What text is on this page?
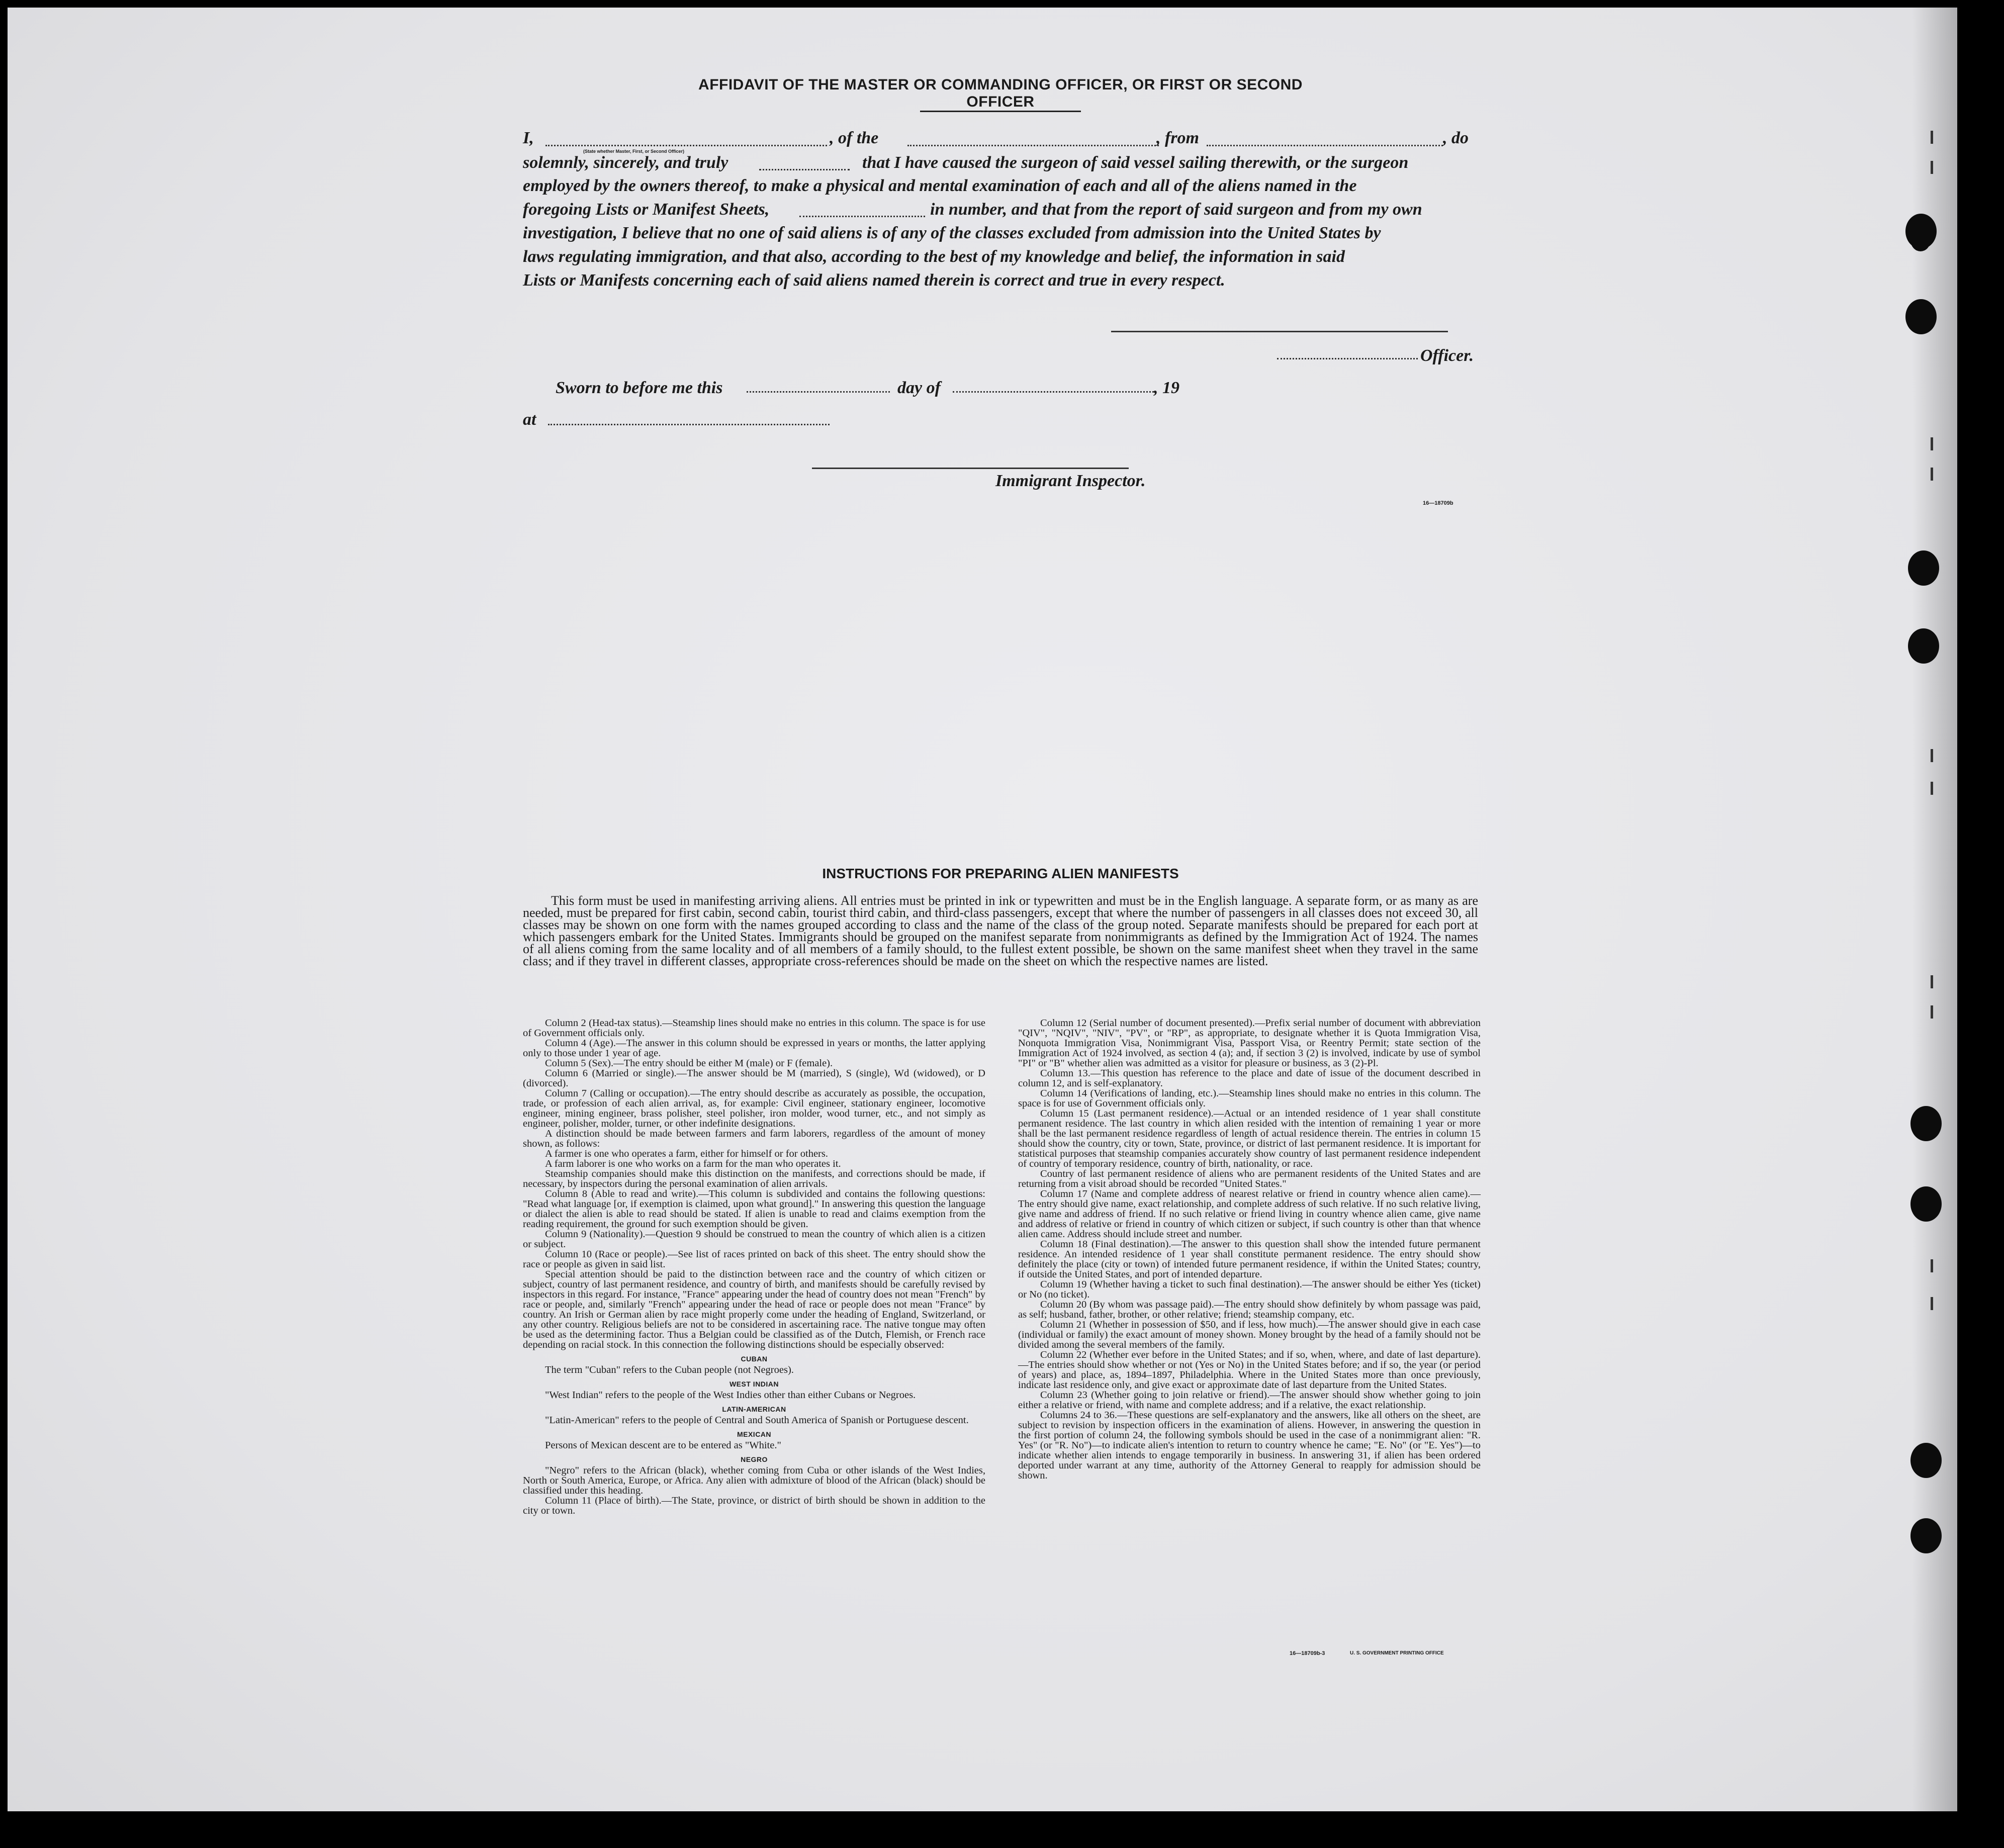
AFFIDAVIT OF THE MASTER OR COMMANDING OFFICER, OR FIRST OR SECOND OFFICER
I,
(State whether Master, First, or Second Officer)
, of the	, from	, do
solemnly, sincerely, and truly	that I have caused the surgeon of said vessel sailing therewith, or the surgeon
employed by the owners thereof, to make a physical and mental examination of each and all of the aliens named in the
foregoing Lists or Manifest Sheets,	in number, and that from the report of said surgeon and from my own
investigation, I believe that no one of said aliens is of any of the classes excluded from admission into the United States by
laws regulating immigration, and that also, according to the best of my knowledge and belief, the information in said
Lists or Manifests concerning each of said aliens named therein is correct and true in every respect.
Officer.
Sworn to before me this	day of	, 19
at
Immigrant Inspector.
16—18709b
INSTRUCTIONS FOR PREPARING ALIEN MANIFESTS
This form must be used in manifesting arriving aliens. All entries must be printed in ink or typewritten and must be in the English language. A separate form, or as many as are needed, must be prepared for first cabin, second cabin, tourist third cabin, and third-class passengers, except that where the number of passengers in all classes does not exceed 30, all classes may be shown on one form with the names grouped according to class and the name of the class of the group noted. Separate manifests should be prepared for each port at which passengers embark for the United States. Immigrants should be grouped on the manifest separate from nonimmigrants as defined by the Immigration Act of 1924. The names of all aliens coming from the same locality and of all members of a family should, to the fullest extent possible, be shown on the same manifest sheet when they travel in the same class; and if they travel in different classes, appropriate cross-references should be made on the sheet on which the respective names are listed.

Column 2 (Head-tax status).—Steamship lines should make no entries in this column. The space is for use of Government officials only.

Column 4 (Age).—The answer in this column should be expressed in years or months, the latter applying only to those under 1 year of age.

Column 5 (Sex).—The entry should be either M (male) or F (female).

Column 6 (Married or single).—The answer should be M (married), S (single), Wd (widowed), or D (divorced).

Column 7 (Calling or occupation).—The entry should describe as accurately as possible, the occupation, trade, or profession of each alien arrival, as, for example: Civil engineer, stationary engineer, locomotive engineer, mining engineer, brass polisher, steel polisher, iron molder, wood turner, etc., and not simply as engineer, polisher, molder, turner, or other indefinite designations.

A distinction should be made between farmers and farm laborers, regardless of the amount of money shown, as follows:

A farmer is one who operates a farm, either for himself or for others.

A farm laborer is one who works on a farm for the man who operates it.

Steamship companies should make this distinction on the manifests, and corrections should be made, if necessary, by inspectors during the personal examination of alien arrivals.

Column 8 (Able to read and write).—This column is subdivided and contains the following questions: "Read what language [or, if exemption is claimed, upon what ground]." In answering this question the language or dialect the alien is able to read should be stated. If alien is unable to read and claims exemption from the reading requirement, the ground for such exemption should be given.

Column 9 (Nationality).—Question 9 should be construed to mean the country of which alien is a citizen or subject.

Column 10 (Race or people).—See list of races printed on back of this sheet. The entry should show the race or people as given in said list.

Special attention should be paid to the distinction between race and the country of which citizen or subject, country of last permanent residence, and country of birth, and manifests should be carefully revised by inspectors in this regard. For instance, "France" appearing under the head of country does not mean "French" by race or people, and, similarly "French" appearing under the head of race or people does not mean "France" by country. An Irish or German alien by race might properly come under the heading of England, Switzerland, or any other country. Religious beliefs are not to be considered in ascertaining race. The native tongue may often be used as the determining factor. Thus a Belgian could be classified as of the Dutch, Flemish, or French race depending on racial stock. In this connection the following distinctions should be especially observed:

CUBAN

The term "Cuban" refers to the Cuban people (not Negroes).

WEST INDIAN

"West Indian" refers to the people of the West Indies other than either Cubans or Negroes.

LATIN-AMERICAN

"Latin-American" refers to the people of Central and South America of Spanish or Portuguese descent.

MEXICAN

Persons of Mexican descent are to be entered as "White."

NEGRO

"Negro" refers to the African (black), whether coming from Cuba or other islands of the West Indies, North or South America, Europe, or Africa. Any alien with admixture of blood of the African (black) should be classified under this heading.

Column 11 (Place of birth).—The State, province, or district of birth should be shown in addition to the city or town.

Column 12 (Serial number of document presented).—Prefix serial number of document with abbreviation "QIV", "NQIV", "NIV", "PV", or "RP", as appropriate, to designate whether it is Quota Immigration Visa, Nonquota Immigration Visa, Nonimmigrant Visa, Passport Visa, or Reentry Permit; state section of the Immigration Act of 1924 involved, as section 4 (a); and, if section 3 (2) is involved, indicate by use of symbol "PI" or "B" whether alien was admitted as a visitor for pleasure or business, as 3 (2)-Pl.

Column 13.—This question has reference to the place and date of issue of the document described in column 12, and is self-explanatory.

Column 14 (Verifications of landing, etc.).—Steamship lines should make no entries in this column. The space is for use of Government officials only.

Column 15 (Last permanent residence).—Actual or an intended residence of 1 year shall constitute permanent residence. The last country in which alien resided with the intention of remaining 1 year or more shall be the last permanent residence regardless of length of actual residence therein. The entries in column 15 should show the country, city or town, State, province, or district of last permanent residence. It is important for statistical purposes that steamship companies accurately show country of last permanent residence independent of country of temporary residence, country of birth, nationality, or race.

Country of last permanent residence of aliens who are permanent residents of the United States and are returning from a visit abroad should be recorded "United States."

Column 17 (Name and complete address of nearest relative or friend in country whence alien came).—The entry should give name, exact relationship, and complete address of such relative. If no such relative living, give name and address of friend. If no such relative or friend living in country whence alien came, give name and address of relative or friend in country of which citizen or subject, if such country is other than that whence alien came. Address should include street and number.

Column 18 (Final destination).—The answer to this question shall show the intended future permanent residence. An intended residence of 1 year shall constitute permanent residence. The entry should show definitely the place (city or town) of intended future permanent residence, if within the United States; country, if outside the United States, and port of intended departure.

Column 19 (Whether having a ticket to such final destination).—The answer should be either Yes (ticket) or No (no ticket).

Column 20 (By whom was passage paid).—The entry should show definitely by whom passage was paid, as self; husband, father, brother, or other relative; friend; steamship company, etc.

Column 21 (Whether in possession of $50, and if less, how much).—The answer should give in each case (individual or family) the exact amount of money shown. Money brought by the head of a family should not be divided among the several members of the family.

Column 22 (Whether ever before in the United States; and if so, when, where, and date of last departure).—The entries should show whether or not (Yes or No) in the United States before; and if so, the year (or period of years) and place, as, 1894–1897, Philadelphia. Where in the United States more than once previously, indicate last residence only, and give exact or approximate date of last departure from the United States.

Column 23 (Whether going to join relative or friend).—The answer should show whether going to join either a relative or friend, with name and complete address; and if a relative, the exact relationship.

Columns 24 to 36.—These questions are self-explanatory and the answers, like all others on the sheet, are subject to revision by inspection officers in the examination of aliens. However, in answering the question in the first portion of column 24, the following symbols should be used in the case of a nonimmigrant alien: "R. Yes" (or "R. No")—to indicate alien's intention to return to country whence he came; "E. No" (or "E. Yes")—to indicate whether alien intends to engage temporarily in business. In answering 31, if alien has been ordered deported under warrant at any time, authority of the Attorney General to reapply for admission should be shown.

16—18709b-3	U. S. GOVERNMENT PRINTING OFFICE
